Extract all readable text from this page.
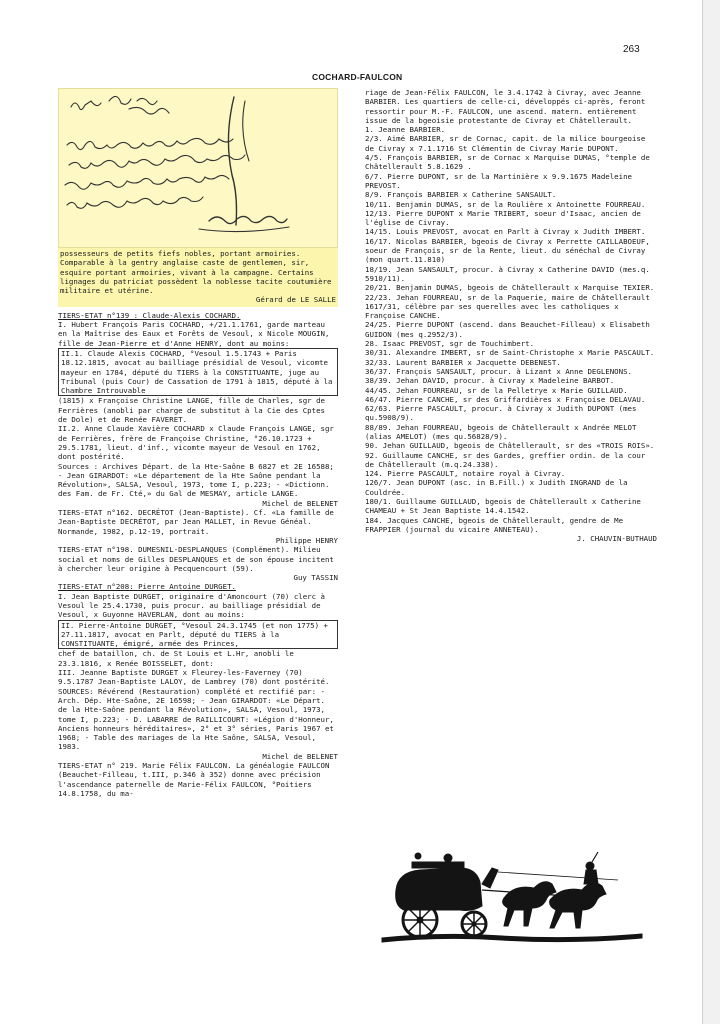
263
COCHARD-FAULCON

possesseurs de petits fiefs nobles, portant armoiries. Comparable à la gentry anglaise caste de gentlemen, sir, esquire portant armoiries, vivant à la campagne. Certains lignages du patriciat possèdent la noblesse tacite coutumière militaire et utérine.

Gérard de LE SALLE

TIERS-ETAT n°139 : Claude-Alexis COCHARD.

I. Hubert François Paris COCHARD, +/21.1.1761, garde marteau en la Maîtrise des Eaux et Forêts de Vesoul, x Nicole MOUGIN, fille de Jean-Pierre et d'Anne HENRY, dont au moins:

II.1. Claude Alexis COCHARD, °Vesoul 1.5.1743 + Paris 18.12.1815, avocat au bailliage présidial de Vesoul, vicomte mayeur en 1784, député du TIERS à la CONSTITUANTE, juge au Tribunal (puis Cour) de Cassation de 1791 à 1815, député à la Chambre Introuvable

(1815) x Françoise Christine LANGE, fille de Charles, sgr de Ferrières (anobli par charge de substitut à la Cie des Cptes de Dole) et de Renée FAVERET.

II.2. Anne Claude Xavière COCHARD x Claude François LANGE, sgr de Ferrières, frère de Françoise Christine, °26.10.1723 + 29.5.1781, lieut. d'inf., vicomte mayeur de Vesoul en 1762, dont postérité.

Sources : Archives Départ. de la Hte-Saône B 6827 et 2E 16588; - Jean GIRARDOT: «Le département de la Hte Saône pendant la Révolution», SALSA, Vesoul, 1973, tome I, p.223; - «Dictionn. des Fam. de Fr. Cté,» du Gal de MESMAY, article LANGE.

Michel de BELENET

TIERS-ETAT n°162. DECRÉTOT (Jean-Baptiste). Cf. «La famille de Jean-Baptiste DECRÉTOT, par Jean MALLET, in Revue Généal. Normande, 1982, p.12-19, portrait.

Philippe HENRY

TIERS-ETAT n°198. DUMESNIL-DESPLANQUES (Complément). Milieu social et noms de Gilles DESPLANQUES et de son épouse incitent à chercher leur origine à Pecquencourt (59).

Guy TASSIN

TIERS-ETAT n°208: Pierre Antoine DURGET.

I. Jean Baptiste DURGET, originaire d'Amoncourt (70) clerc à Vesoul le 25.4.1730, puis procur. au bailliage présidial de Vesoul, x Guyonne HAVERLAN, dont au moins:

II. Pierre-Antoine DURGET, °Vesoul 24.3.1745 (et non 1775) + 27.11.1817, avocat en Parlt, député du TIERS à la CONSTITUANTE, émigré, armée des Princes,

chef de bataillon, ch. de St Louis et L.Hr, anobli le 23.3.1816, x Renée BOISSELET, dont:

III. Jeanne Baptiste DURGET x Fleurey-les-Faverney (70) 9.5.1787 Jean-Baptiste LALOY, de Lambrey (70) dont postérité.

SOURCES: Révérend (Restauration) complété et rectifié par: - Arch. Dép. Hte-Saône, 2E 16598; - Jean GIRARDOT: «Le Départ. de la Hte-Saône pendant la Révolution», SALSA, Vesoul, 1973, tome I, p.223; - D. LABARRE de RAILLICOURT: «Légion d'Honneur, Anciens honneurs héréditaires», 2° et 3° séries, Paris 1967 et 1968; - Table des mariages de la Hte Saône, SALSA, Vesoul, 1983.

Michel de BELENET

TIERS-ETAT n° 219. Marie Félix FAULCON. La généalogie FAULCON (Beauchet-Filleau, t.III, p.346 à 352) donne avec précision l'ascendance paternelle de Marie-Félix FAULCON, °Poitiers 14.8.1758, du ma-

riage de Jean-Félix FAULCON, le 3.4.1742 à Civray, avec Jeanne BARBIER. Les quartiers de celle-ci, développés ci-après, feront ressortir pour M.-F. FAULCON, une ascend. matern. entièrement issue de la bgeoisie protestante de Civray et Châtellerault.

1. Jeanne BARBIER.

2/3. Aimé BARBIER, sr de Cornac, capit. de la milice bourgeoise de Civray x 7.1.1716 St Clémentin de Civray Marie DUPONT.

4/5. François BARBIER, sr de Cornac x Marquise DUMAS, °temple de Châtellerault 5.8.1629 .

6/7. Pierre DUPONT, sr de la Martinière x 9.9.1675 Madeleine PREVOST.

8/9. François BARBIER x Catherine SANSAULT.

10/11. Benjamin DUMAS, sr de la Roulière x Antoinette FOURREAU.

12/13. Pierre DUPONT x Marie TRIBERT, soeur d'Isaac, ancien de l'église de Civray.

14/15. Louis PREVOST, avocat en Parlt à Civray x Judith IMBERT.

16/17. Nicolas BARBIER, bgeois de Civray x Perrette CAILLABOEUF, soeur de François, sr de la Rente, lieut. du sénéchal de Civray (mon quart.11.810)

18/19. Jean SANSAULT, procur. à Civray x Catherine DAVID (mes.q. 5910/11).

20/21. Benjamin DUMAS, bgeois de Châtellerault x Marquise TEXIER.

22/23. Jehan FOURREAU, sr de la Paquerie, maire de Châtellerault 1617/31, célèbre par ses querelles avec les catholiques x Françoise CANCHE.

24/25. Pierre DUPONT (ascend. dans Beauchet-Filleau) x Elisabeth GUIDON (mes q.2952/3).

28. Isaac PREVOST, sgr de Touchimbert.

30/31. Alexandre IMBERT, sr de Saint-Christophe x Marie PASCAULT.

32/33. Laurent BARBIER x Jacquette DEBENEST.

36/37. François SANSAULT, procur. à Lizant x Anne DEGLENONS.

38/39. Jehan DAVID, procur. à Civray x Madeleine BARBOT.

44/45. Jehan FOURREAU, sr de la Pelletrye x Marie GUILLAUD.

46/47. Pierre CANCHE, sr des Griffardières x Françoise DELAVAU.

62/63. Pierre PASCAULT, procur. à Civray x Judith DUPONT (mes qu.5908/9).

88/89. Jehan FOURREAU, bgeois de Châtellerault x Andrée MELOT (alias AMELOT) (mes qu.56828/9).

90. Jehan GUILLAUD, bgeois de Châtellerault, sr des «TROIS ROIS».

92. Guillaume CANCHE, sr des Gardes, greffier ordin. de la cour de Châtellerault (m.q.24.338).

124. Pierre PASCAULT, notaire royal à Civray.

126/7. Jean DUPONT (asc. in B.Fill.) x Judith INGRAND de la Couldrée.

180/1. Guillaume GUILLAUD, bgeois de Châtellerault x Catherine CHAMEAU + St Jean Baptiste 14.4.1542.

184. Jacques CANCHE, bgeois de Châtellerault, gendre de Me FRAPPIER (journal du vicaire ANNETEAU).

J. CHAUVIN-BUTHAUD
